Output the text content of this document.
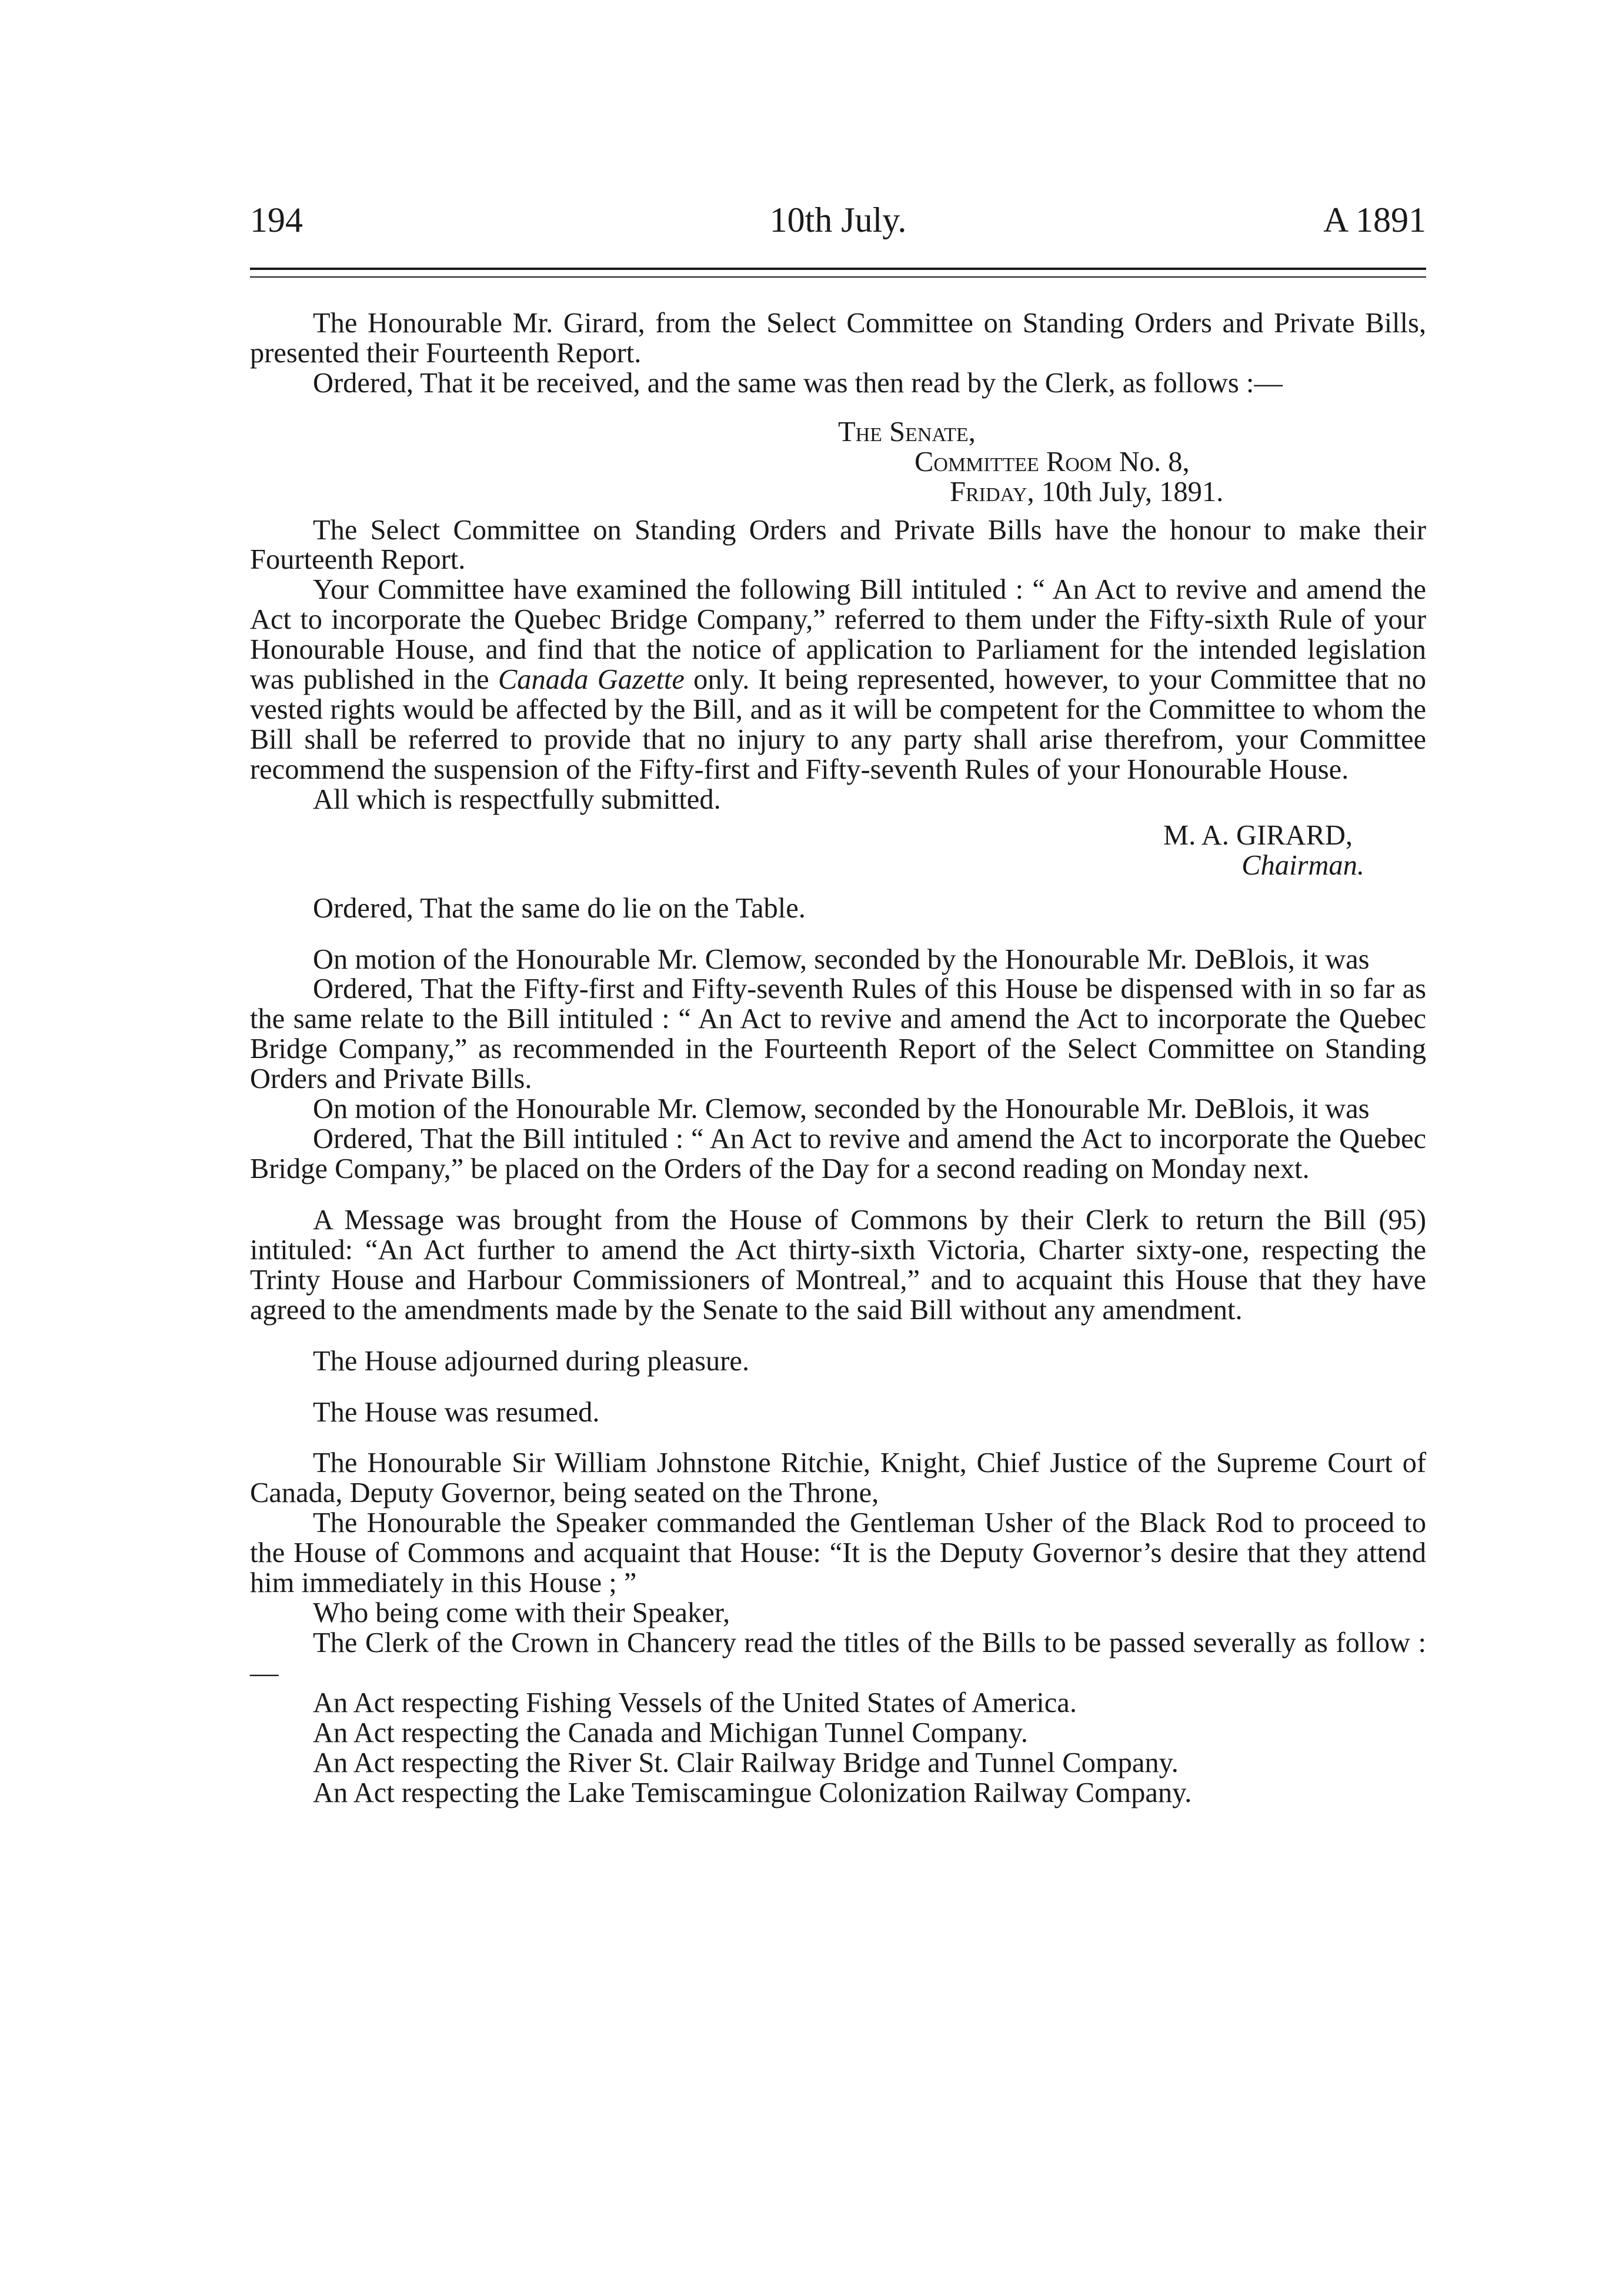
194	10th July.	A 1891

The Honourable Mr. Girard, from the Select Committee on Standing Orders and Private Bills, presented their Fourteenth Report.

Ordered, That it be received, and the same was then read by the Clerk, as follows :—

The Senate,
Committee Room No. 8,
Friday, 10th July, 1891.

The Select Committee on Standing Orders and Private Bills have the honour to make their Fourteenth Report.

Your Committee have examined the following Bill intituled : “ An Act to revive and amend the Act to incorporate the Quebec Bridge Company,” referred to them under the Fifty-sixth Rule of your Honourable House, and find that the notice of application to Parliament for the intended legislation was published in the Canada Gazette only. It being represented, however, to your Committee that no vested rights would be affected by the Bill, and as it will be competent for the Committee to whom the Bill shall be referred to provide that no injury to any party shall arise therefrom, your Committee recommend the suspension of the Fifty-first and Fifty-seventh Rules of your Honourable House.

All which is respectfully submitted.

M. A. GIRARD,

Chairman.

Ordered, That the same do lie on the Table.

On motion of the Honourable Mr. Clemow, seconded by the Honourable Mr. DeBlois, it was

Ordered, That the Fifty-first and Fifty-seventh Rules of this House be dispensed with in so far as the same relate to the Bill intituled : “ An Act to revive and amend the Act to incorporate the Quebec Bridge Company,” as recommended in the Fourteenth Report of the Select Committee on Standing Orders and Private Bills.

On motion of the Honourable Mr. Clemow, seconded by the Honourable Mr. DeBlois, it was

Ordered, That the Bill intituled : “ An Act to revive and amend the Act to incorporate the Quebec Bridge Company,” be placed on the Orders of the Day for a second reading on Monday next.

A Message was brought from the House of Commons by their Clerk to return the Bill (95) intituled: “An Act further to amend the Act thirty-sixth Victoria, Charter sixty-one, respecting the Trinty House and Harbour Commissioners of Montreal,” and to acquaint this House that they have agreed to the amendments made by the Senate to the said Bill without any amendment.

The House adjourned during pleasure.

The House was resumed.

The Honourable Sir William Johnstone Ritchie, Knight, Chief Justice of the Supreme Court of Canada, Deputy Governor, being seated on the Throne,

The Honourable the Speaker commanded the Gentleman Usher of the Black Rod to proceed to the House of Commons and acquaint that House: “It is the Deputy Governor’s desire that they attend him immediately in this House ; ”

Who being come with their Speaker,

The Clerk of the Crown in Chancery read the titles of the Bills to be passed severally as follow :—

An Act respecting Fishing Vessels of the United States of America.

An Act respecting the Canada and Michigan Tunnel Company.

An Act respecting the River St. Clair Railway Bridge and Tunnel Company.

An Act respecting the Lake Temiscamingue Colonization Railway Company.
